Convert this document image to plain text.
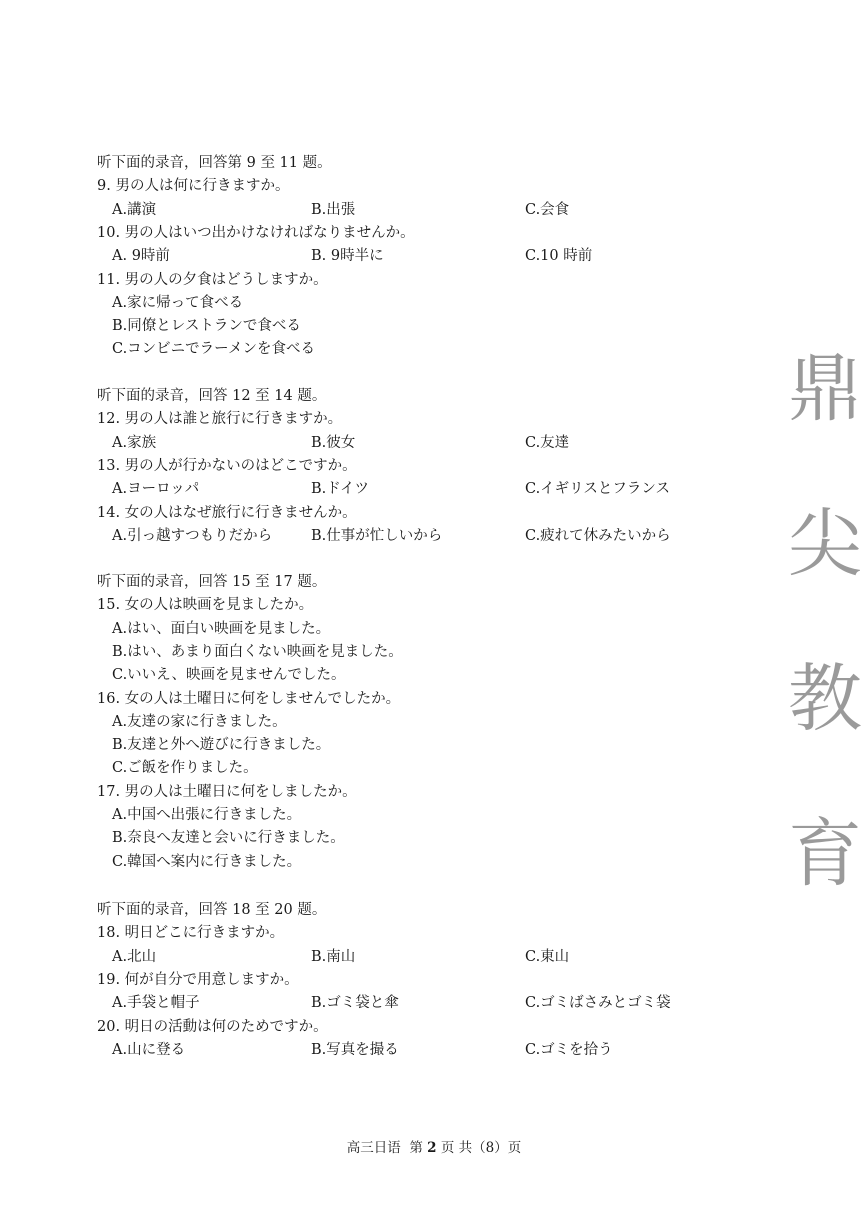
听下面的录音，回答第 9 至 11 题。
9. 男の人は何に行きますか。
A.講演	B.出張	C.会食
10. 男の人はいつ出かけなければなりませんか。
A. 9時前	B. 9時半に	C.10 時前
11. 男の人の夕食はどうしますか。
A.家に帰って食べる
B.同僚とレストランで食べる
C.コンビニでラーメンを食べる
听下面的录音，回答 12 至 14 题。
12. 男の人は誰と旅行に行きますか。
A.家族	B.彼女	C.友達
13. 男の人が行かないのはどこですか。
A.ヨーロッパ	B.ドイツ	C.イギリスとフランス
14. 女の人はなぜ旅行に行きませんか。
A.引っ越すつもりだから	B.仕事が忙しいから	C.疲れて休みたいから
听下面的录音，回答 15 至 17 题。
15. 女の人は映画を見ましたか。
A.はい、面白い映画を見ました。
B.はい、あまり面白くない映画を見ました。
C.いいえ、映画を見ませんでした。
16. 女の人は土曜日に何をしませんでしたか。
A.友達の家に行きました。
B.友達と外へ遊びに行きました。
C.ご飯を作りました。
17. 男の人は土曜日に何をしましたか。
A.中国へ出張に行きました。
B.奈良へ友達と会いに行きました。
C.韓国へ案内に行きました。
听下面的录音，回答 18 至 20 题。
18. 明日どこに行きますか。
A.北山	B.南山	C.東山
19. 何が自分で用意しますか。
A.手袋と帽子	B.ゴミ袋と傘	C.ゴミばさみとゴミ袋
20. 明日の活動は何のためですか。
A.山に登る	B.写真を撮る	C.ゴミを拾う
鼎
尖
教
育
高三日语 第 2 页 共（8）页
